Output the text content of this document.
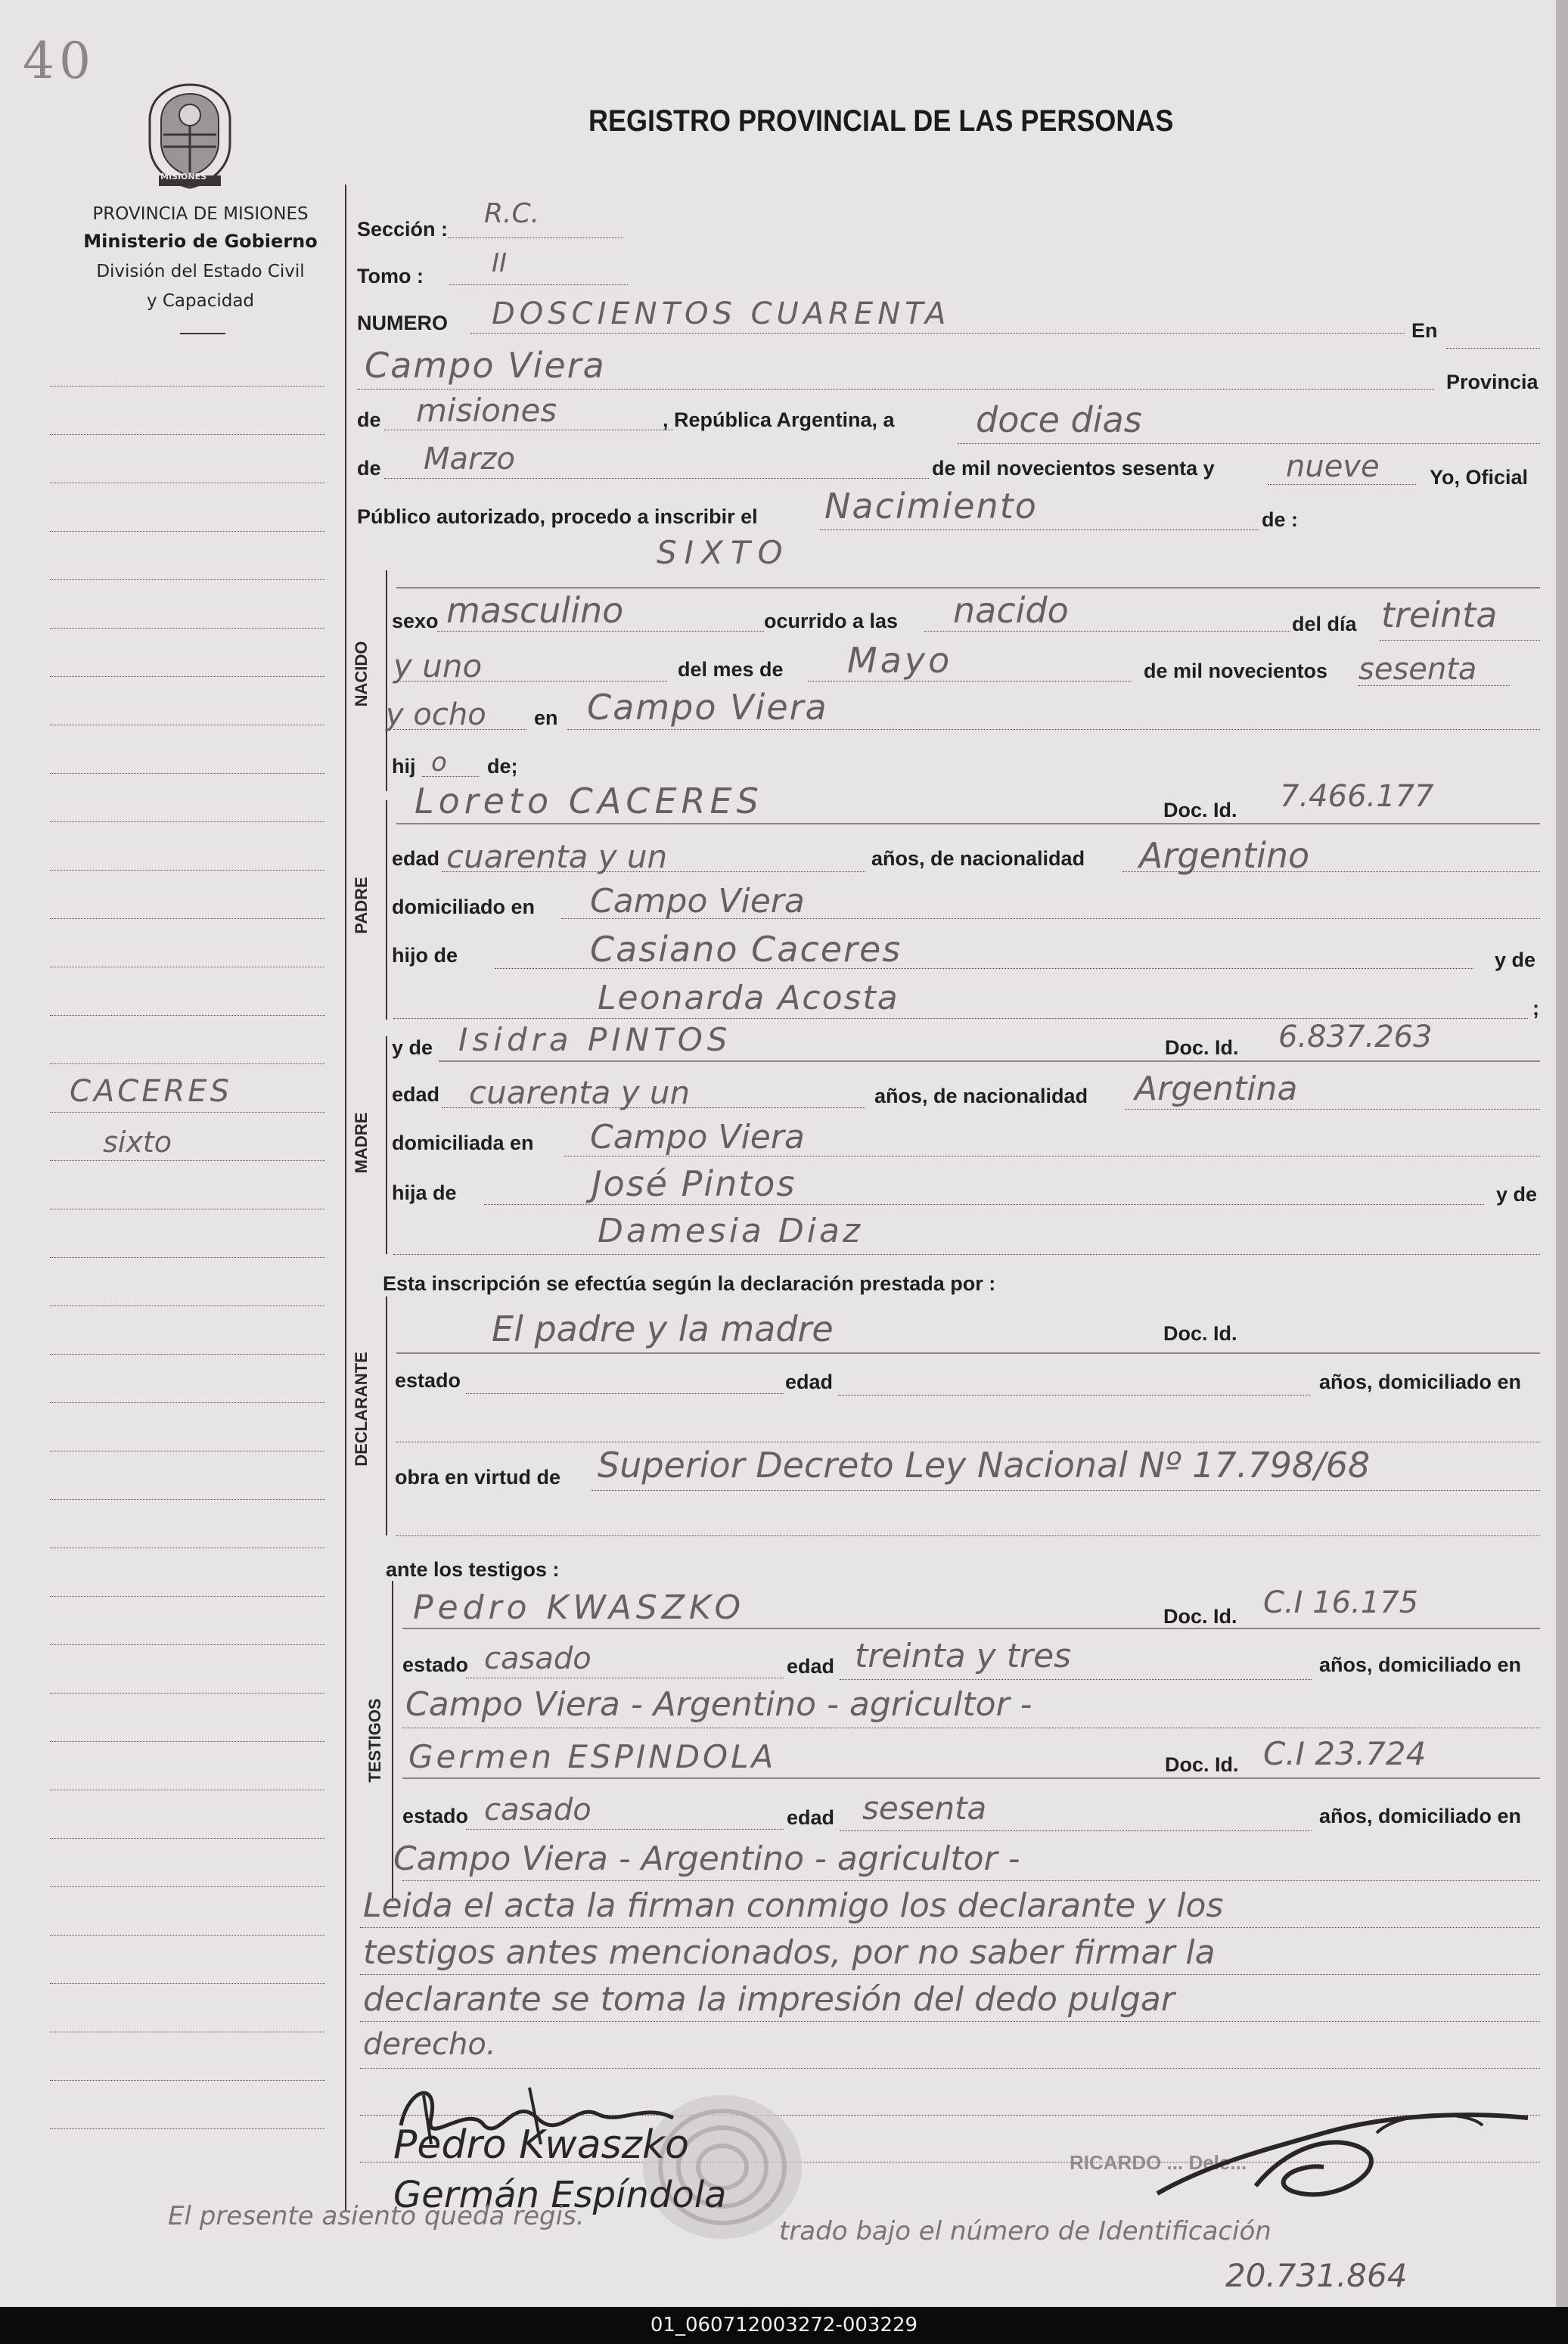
40
MISIONES
REGISTRO PROVINCIAL DE LAS PERSONAS
PROVINCIA DE MISIONES
Ministerio de Gobierno
División del Estado Civil
y Capacidad
CACERES
sixto
Sección : R.C.
Tomo :	II
NUMERO DOSCIENTOS CUARENTA	En
Campo Viera	Provincia
de misiones	, República Argentina, a doce dias
de Marzo	de mil novecientos sesenta y nueve Yo, Oficial
Público autorizado, procedo a inscribir el Nacimiento	de :
NACIDO
SIXTO
sexo masculino	ocurrido a las nacido	del día treinta
y uno	del mes de Mayo	de mil novecientos sesenta
y ocho en Campo Viera
hij o de;
PADRE
Loreto CACERES	Doc. Id. 7.466.177
edad cuarenta y un	años, de nacionalidad Argentino
domiciliado en Campo Viera
hijo de	Casiano Caceres	y de
Leonarda Acosta	;
MADRE
y de Isidra PINTOS	Doc. Id. 6.837.263
edad cuarenta y un	años, de nacionalidad Argentina
domiciliada en Campo Viera
hija de	José Pintos	y de
Damesia Diaz
Esta inscripción se efectúa según la declaración prestada por :
DECLARANTE
El padre y la madre	Doc. Id.
estado	edad	años, domiciliado en
obra en virtud de Superior Decreto Ley Nacional Nº 17.798/68
ante los testigos :
TESTIGOS
Pedro KWASZKO	Doc. Id. C.I 16.175
estado casado	edad treinta y tres	años, domiciliado en
Campo Viera - Argentino - agricultor -
Germen ESPINDOLA	Doc. Id. C.I 23.724
estado casado	edad sesenta	años, domiciliado en
Campo Viera - Argentino - agricultor -
Leida el acta la firman conmigo los declarante y los
testigos antes mencionados, por no saber firmar la
declarante se toma la impresión del dedo pulgar
derecho.
Pedro Kwaszko
Germán Espíndola
RICARDO ... Dele...
El presente asiento queda regis.	trado bajo el número de Identificación
20.731.864
01_060712003272-003229
